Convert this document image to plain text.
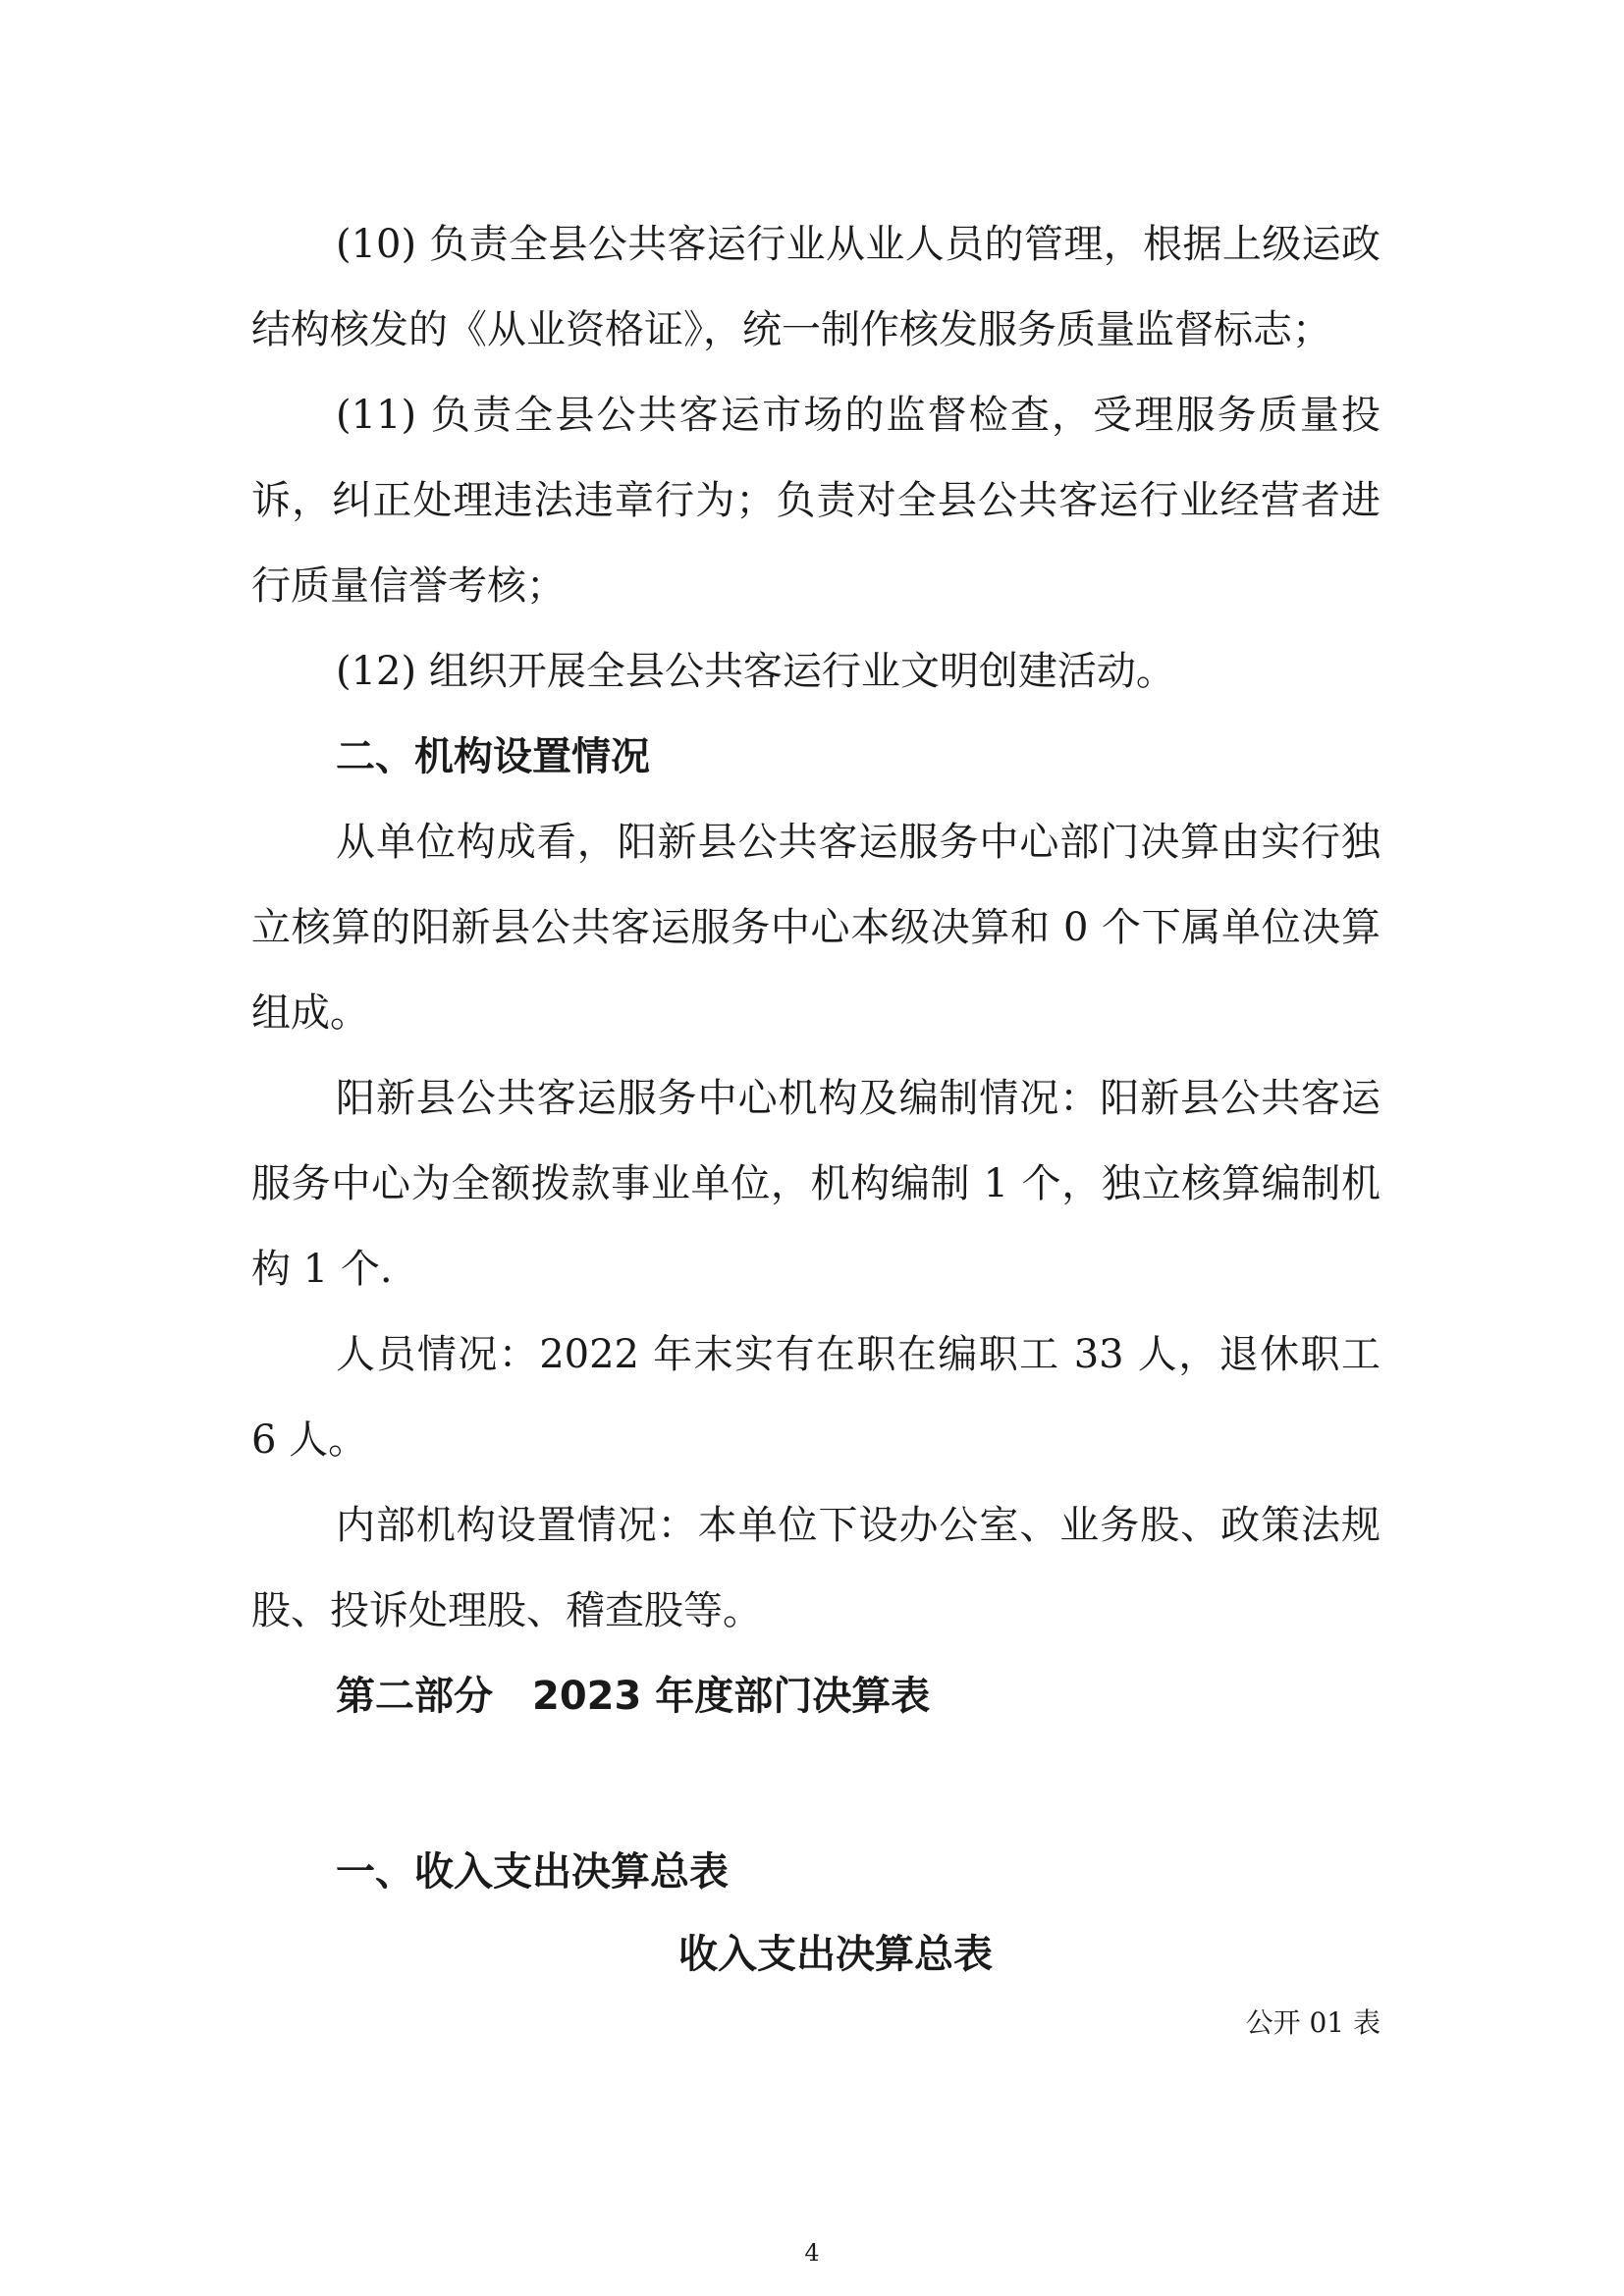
(10) 负责全县公共客运行业从业人员的管理，根据上级运政结构核发的《从业资格证》，统一制作核发服务质量监督标志；

(11) 负责全县公共客运市场的监督检查，受理服务质量投诉，纠正处理违法违章行为；负责对全县公共客运行业经营者进行质量信誉考核；

(12) 组织开展全县公共客运行业文明创建活动。

二、机构设置情况

从单位构成看，阳新县公共客运服务中心部门决算由实行独立核算的阳新县公共客运服务中心本级决算和 0 个下属单位决算组成。

阳新县公共客运服务中心机构及编制情况：阳新县公共客运服务中心为全额拨款事业单位，机构编制 1 个，独立核算编制机构 1 个.

人员情况：2022 年末实有在职在编职工 33 人，退休职工 6 人。

内部机构设置情况：本单位下设办公室、业务股、政策法规股、投诉处理股、稽查股等。

第二部分　2023 年度部门决算表

一、收入支出决算总表

收入支出决算总表

公开 01 表

4
